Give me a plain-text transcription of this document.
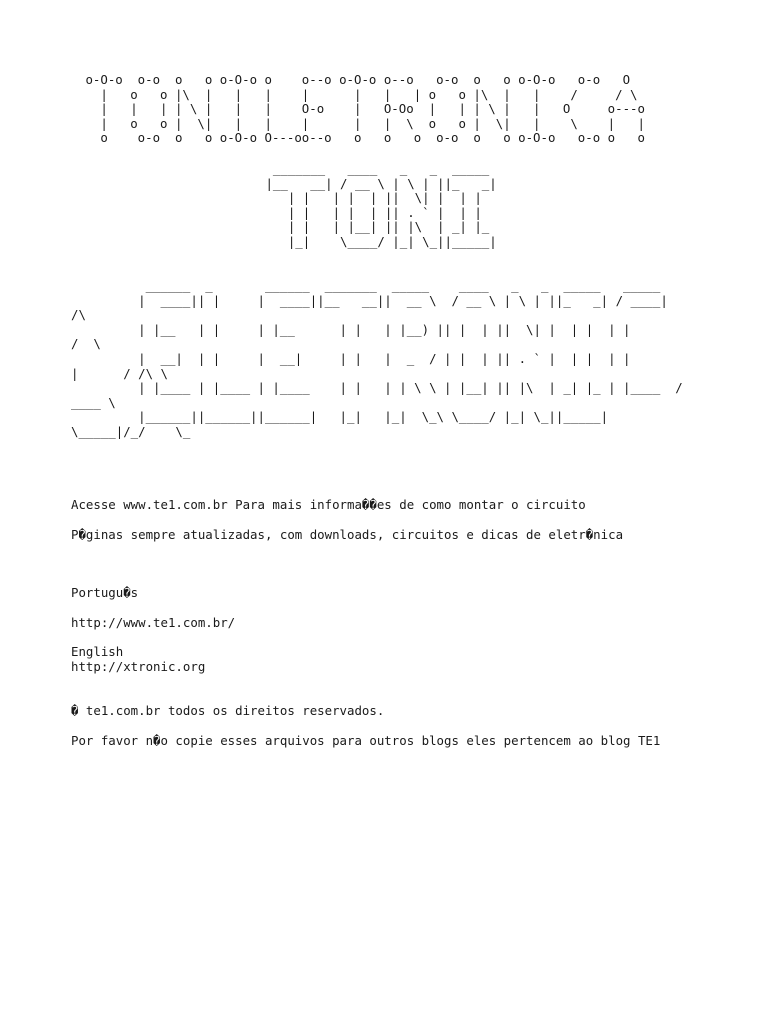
o-O-o  o-o  o   o o-O-o o    o--o o-O-o o--o   o-o  o   o o-O-o   o-o   O
|   o   o |\  |   |   |    |      |   |   | o   o |\  |   |    /     / \
|   |   | | \ |   |   |    O-o    |   O-Oo  |   | | \ |   |   O     o---o
|   o   o |  \|   |   |    |      |   |  \  o   o |  \|   |    \    |   |
o    o-o  o   o o-O-o O---oo--o   o   o   o  o-o  o   o o-O-o   o-o o   o
_______   ____   _   _  _____
|__   __| / __ \ | \ | ||_   _|
| |   | |  | ||  \| |  | |
| |   | |  | || . ` |  | |
| |   | |__| || |\  | _| |_
|_|    \____/ |_| \_||_____|
______  _       ______  _______  _____    ____   _   _  _____   _____
|  ____|| |     |  ____||__   __||  __ \  / __ \ | \ | ||_   _| / ____|
/\
| |__   | |     | |__      | |   | |__) || |  | ||  \| |  | |  | |
/  \
|  __|  | |     |  __|     | |   |  _  / | |  | || . ` |  | |  | |
|      / /\ \
| |____ | |____ | |____    | |   | | \ \ | |__| || |\  | _| |_ | |____  /
____ \
|______||______||______|   |_|   |_|  \_\ \____/ |_| \_||_____|
\_____|/_/    \_
Acesse www.te1.com.br Para mais informa��es de como montar o circuito
P�ginas sempre atualizadas, com downloads, circuitos e dicas de eletr�nica
Portugu�s
http://www.te1.com.br/
English
http://xtronic.org
� te1.com.br todos os direitos reservados.
Por favor n�o copie esses arquivos para outros blogs eles pertencem ao blog TE1
